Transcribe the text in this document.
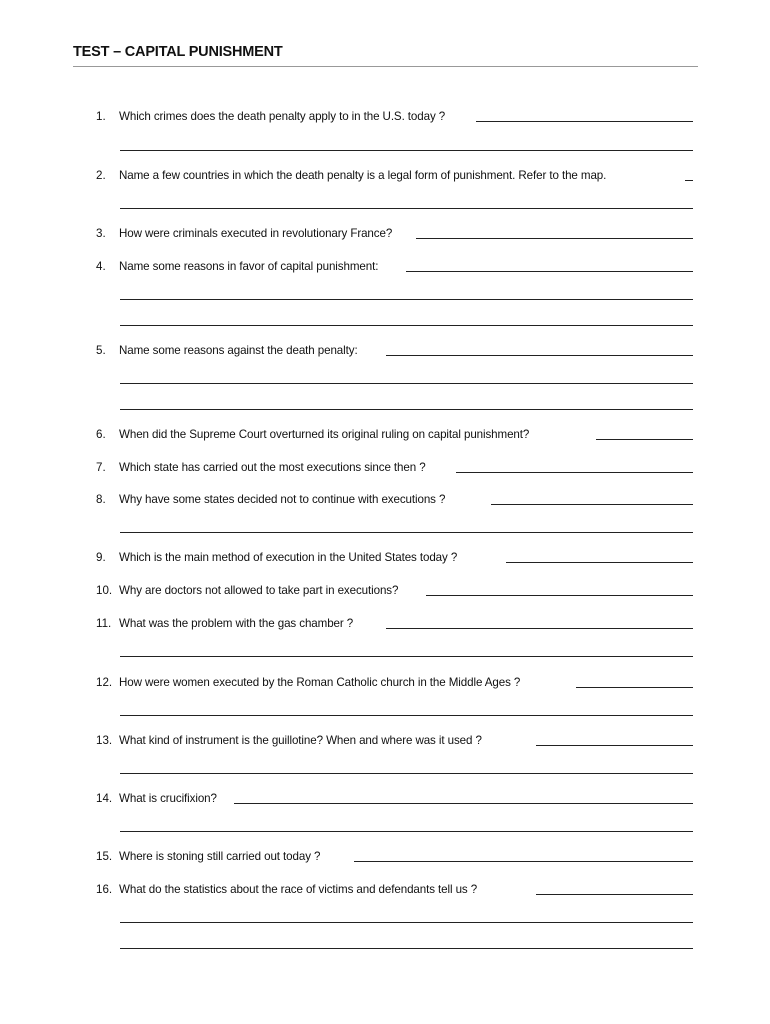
TEST – CAPITAL PUNISHMENT
1. Which crimes does the death penalty apply to in the U.S. today ?
2. Name a few countries in which the death penalty is a legal form of punishment. Refer to the map.
3. How were criminals executed in revolutionary France?
4. Name some reasons in favor of capital punishment:
5. Name some reasons against the death penalty:
6. When did the Supreme Court overturned its original ruling on capital punishment?
7. Which state has carried out the most executions since then ?
8. Why have some states decided not to continue with executions ?
9. Which is the main method of execution in the United States today ?
10. Why are doctors not allowed to take part in executions?
11. What was the problem with the gas chamber ?
12. How were women executed by the Roman Catholic church in the Middle Ages ?
13. What kind of instrument is the guillotine? When and where was it used ?
14. What is crucifixion?
15. Where is stoning still carried out today ?
16. What do the statistics about the race of victims and defendants tell us ?
